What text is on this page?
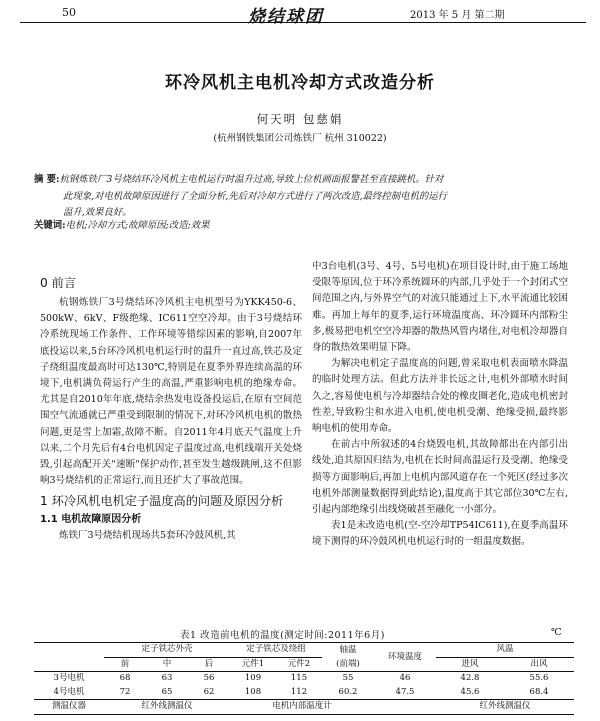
50	烧结球团	2013 年 5 月 第二期
环冷风机主电机冷却方式改造分析
何天明 包慈娟
(杭州钢铁集团公司炼铁厂 杭州 310022)
摘 要:杭钢炼铁厂3号烧结环冷风机主电机运行时温升过高,导致上位机画面报警甚至直接跳机。针对
此现象,对电机故障原因进行了全面分析,先后对冷却方式进行了两次改造,最终控制电机的运行
温升,效果良好。
关键词:电机;冷却方式;故障原因;改造;效果

0 前言

杭钢炼铁厂3号烧结环冷风机主电机型号为YKK450-6、500kW、6kV、F级绝缘、IC611空空冷却。由于3号烧结环冷系统现场工作条件、工作环境等错综因素的影响,自2007年底投运以来,5台环冷风机电机运行时的温升一直过高,铁芯及定子绕组温度最高时可达130℃,特别是在夏季外界连续高温的环境下,电机满负荷运行产生的高温,严重影响电机的绝缘寿命。尤其是自2010年年底,烧结余热发电设备投运后,在原有空间范围空气流通就已严重受到限制的情况下,对环冷风机电机的散热问题,更是雪上加霜,故障不断。自2011年4月底天气温度上升以来,二个月先后有4台电机因定子温度过高,电机线端开关处烧毁,引起高配开关"速断"保护动作,甚至发生越级跳闸,这不但影响3号烧结机的正常运行,而且还扩大了事故范围。

1 环冷风机电机定子温度高的问题及原因分析

1.1 电机故障原因分析

炼铁厂3号烧结机现场共5套环冷鼓风机,其

中3台电机(3号、4号、5号电机)在项目设计时,由于施工场地受限等原因,位于环冷系统圆环的内部,几乎处于一个封闭式空间范围之内,与外界空气的对流只能通过上下,水平流通比较困难。再加上每年的夏季,运行环境温度高、环冷圆环内部粉尘多,极易把电机空空冷却器的散热风管内堵住,对电机冷却器自身的散热效果明显下降。

为解决电机定子温度高的问题,曾采取电机表面喷水降温的临时处理方法。但此方法并非长远之计,电机外部喷水时间久之,容易使电机与冷却器结合处的橡皮圈老化,造成电机密封性差,导致粉尘和水进入电机,使电机受潮、绝缘受损,最终影响电机的使用寿命。

在前古中所叙述的4台烧毁电机,其故障都出在内部引出线处,追其原因归结为,电机在长时间高温运行及受潮、绝缘受损等方面影响后,再加上电机内部风道存在一个死区(经过多次电机外部测量数据得到此结论),温度高于其它部位30℃左右,引起内部绝缘引出线烧破甚至融化一小部分。

表1是未改造电机(空-空冷却TP54IC611),在夏季高温环境下测得的环冷鼓风机电机运行时的一组温度数据。

表1 改造前电机的温度(测定时间:2011年6月)	℃
	定子铁芯外壳			定子铁芯及绕组		轴温	环境温度	风温	
	前	中	后	元件1	元件2	(前端)		进风	出风
3号电机	68	63	56	109	115	55	46	42.8	55.6
4号电机	72	65	62	108	112	60.2	47.5	45.6	68.4
测温仪器	红外线测温仪			电机内部温度计				红外线测温仪	
